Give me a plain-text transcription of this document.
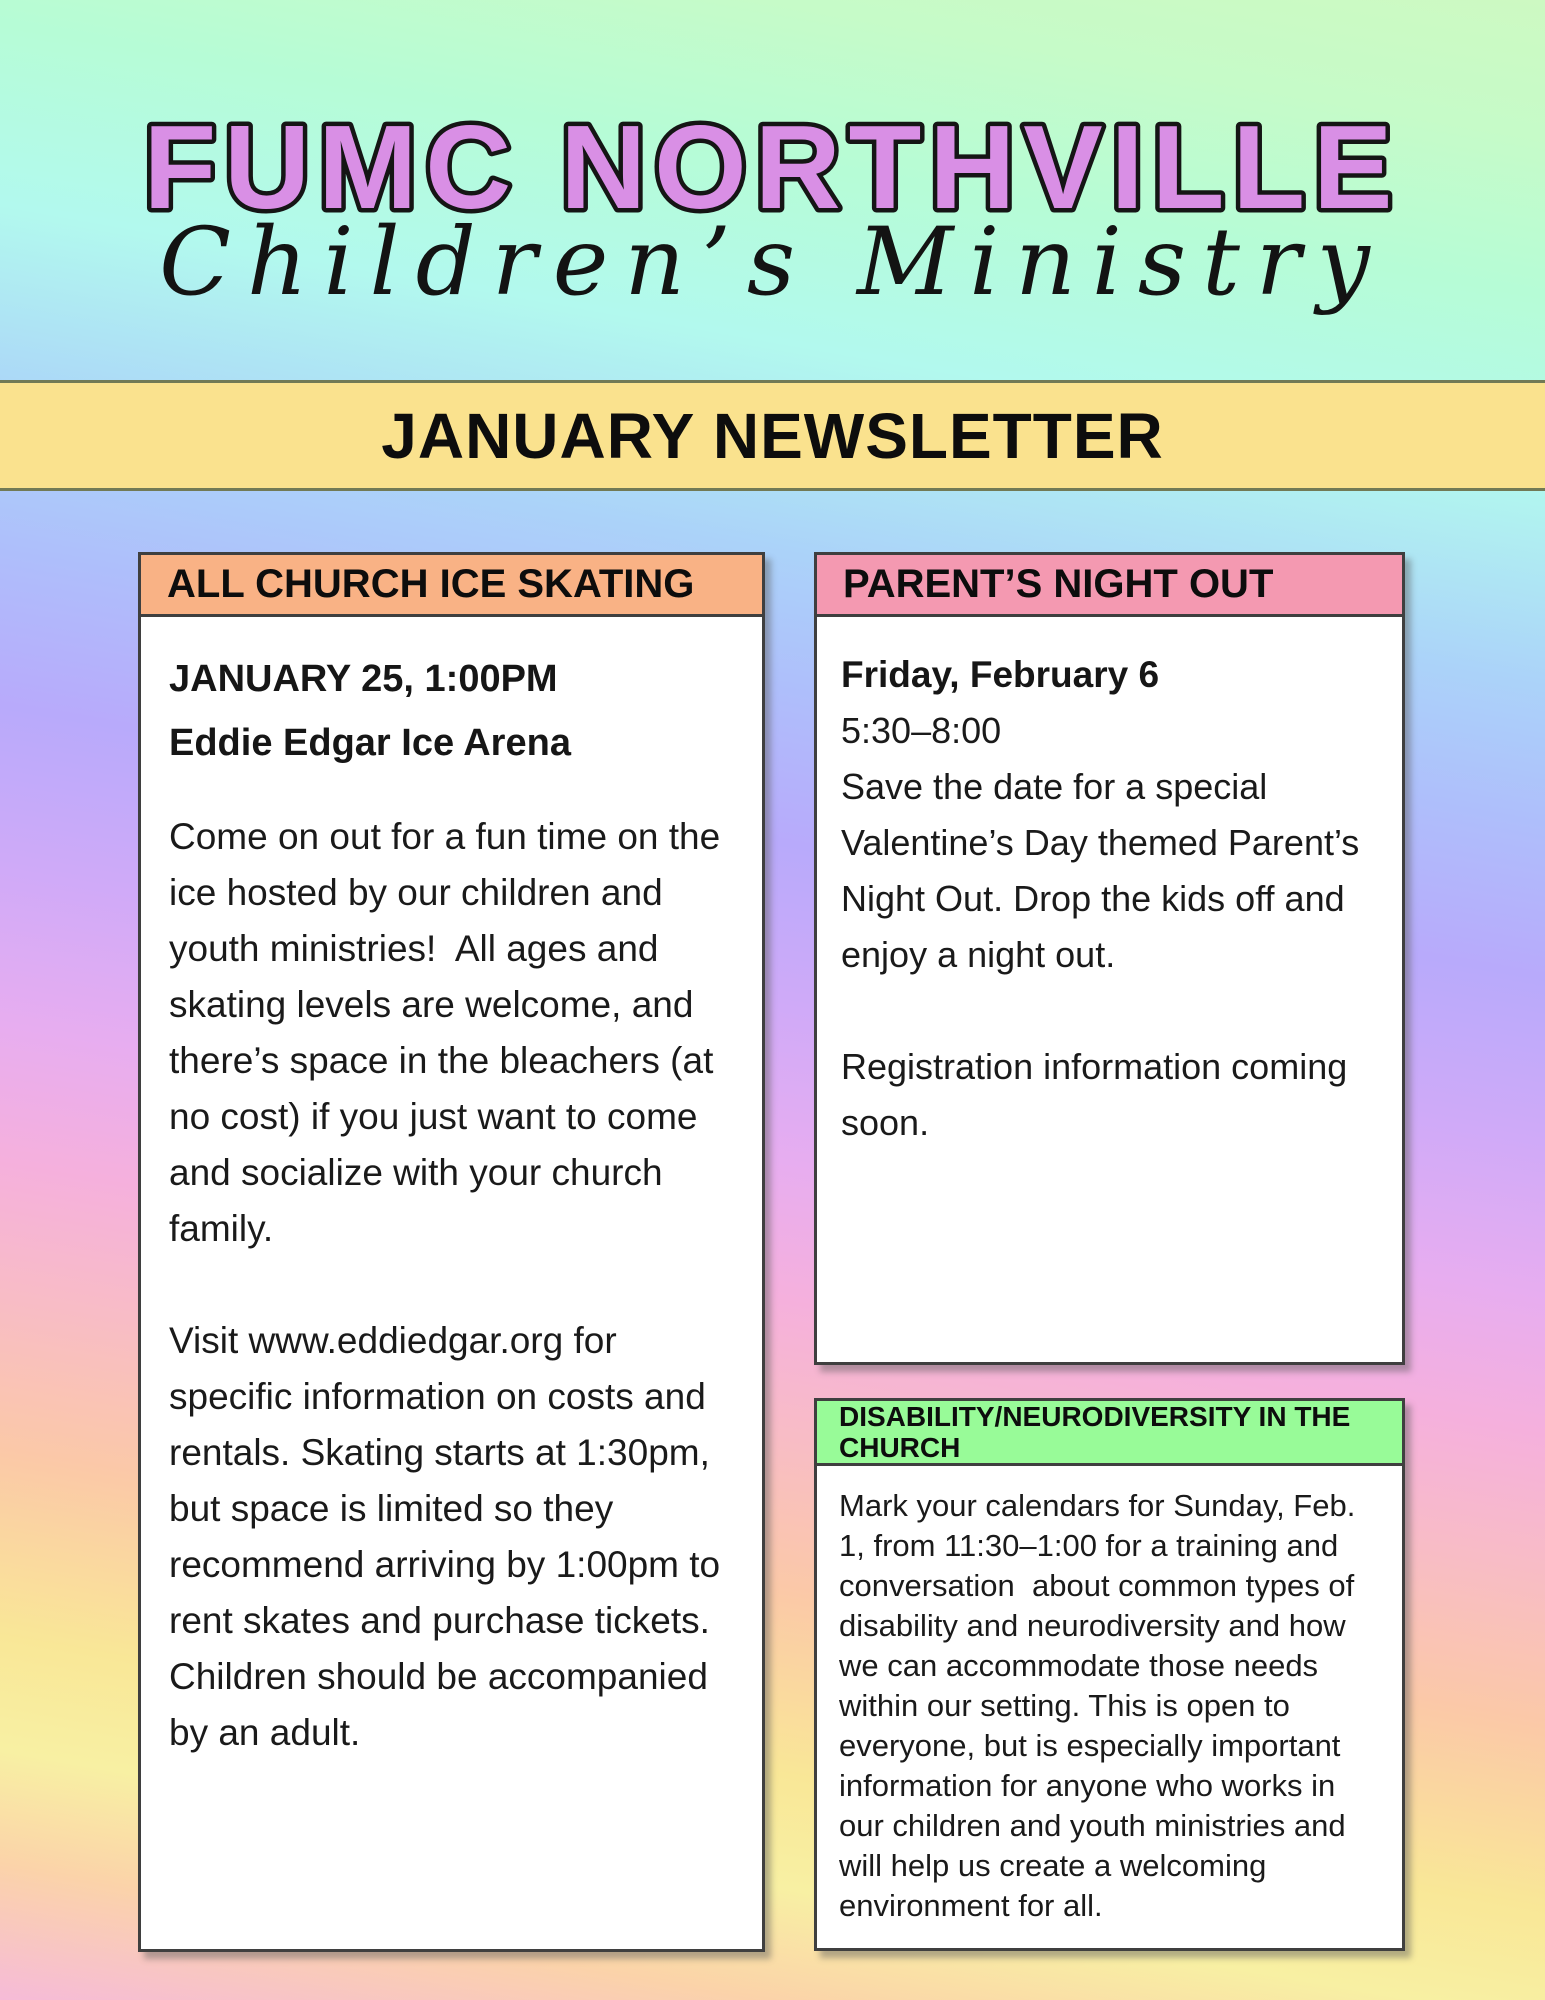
FUMC NORTHVILLE
Children’s Ministry
JANUARY NEWSLETTER
ALL CHURCH ICE SKATING
JANUARY 25, 1:00PM
Eddie Edgar Ice Arena

Come on out for a fun time on the ice hosted by our children and youth ministries!  All ages and skating levels are welcome, and there’s space in the bleachers (at no cost) if you just want to come and socialize with your church family.

Visit www.eddiedgar.org for specific information on costs and rentals. Skating starts at 1:30pm, but space is limited so they recommend arriving by 1:00pm to rent skates and purchase tickets. Children should be accompanied by an adult.

PARENT’S NIGHT OUT
Friday, February 6
5:30–8:00

Save the date for a special Valentine’s Day themed Parent’s Night Out. Drop the kids off and enjoy a night out.

Registration information coming soon.

DISABILITY/NEURODIVERSITY IN THE CHURCH

Mark your calendars for Sunday, Feb. 1, from 11:30–1:00 for a training and conversation  about common types of disability and neurodiversity and how we can accommodate those needs within our setting. This is open to everyone, but is especially important information for anyone who works in our children and youth ministries and will help us create a welcoming environment for all.
